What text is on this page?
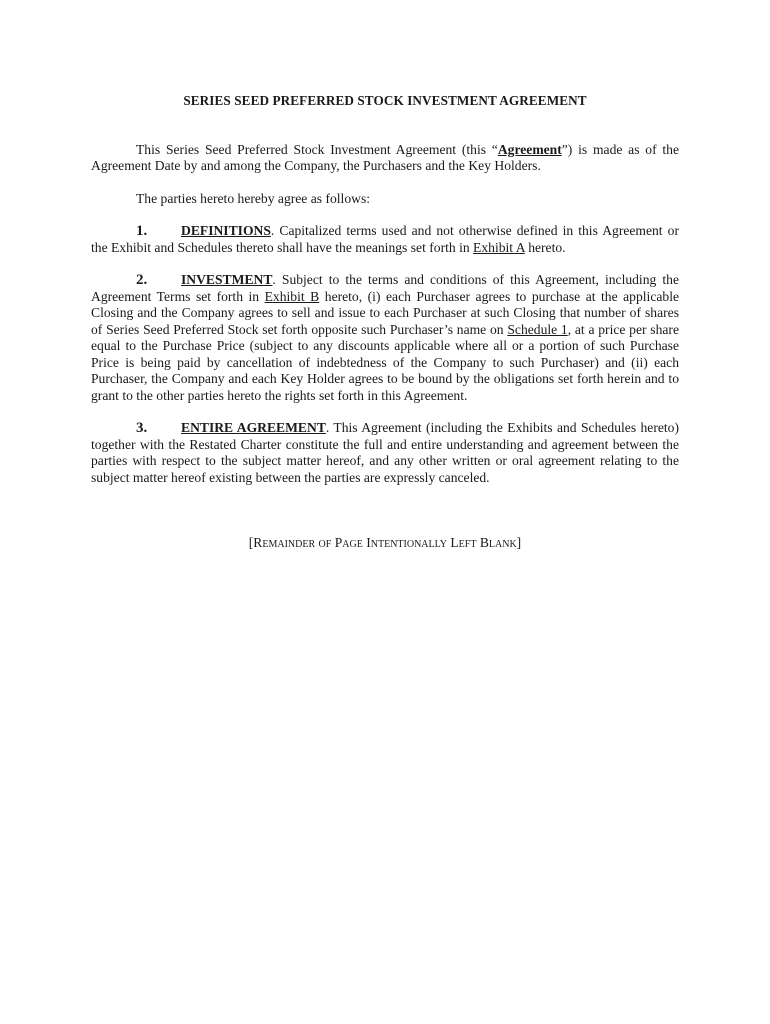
SERIES SEED PREFERRED STOCK INVESTMENT AGREEMENT

This Series Seed Preferred Stock Investment Agreement (this “Agreement”) is made as of the Agreement Date by and among the Company, the Purchasers and the Key Holders.

The parties hereto hereby agree as follows:

1. DEFINITIONS. Capitalized terms used and not otherwise defined in this Agreement or the Exhibit and Schedules thereto shall have the meanings set forth in Exhibit A hereto.

2. INVESTMENT. Subject to the terms and conditions of this Agreement, including the Agreement Terms set forth in Exhibit B hereto, (i) each Purchaser agrees to purchase at the applicable Closing and the Company agrees to sell and issue to each Purchaser at such Closing that number of shares of Series Seed Preferred Stock set forth opposite such Purchaser’s name on Schedule 1, at a price per share equal to the Purchase Price (subject to any discounts applicable where all or a portion of such Purchase Price is being paid by cancellation of indebtedness of the Company to such Purchaser) and (ii) each Purchaser, the Company and each Key Holder agrees to be bound by the obligations set forth herein and to grant to the other parties hereto the rights set forth in this Agreement.

3. ENTIRE AGREEMENT. This Agreement (including the Exhibits and Schedules hereto) together with the Restated Charter constitute the full and entire understanding and agreement between the parties with respect to the subject matter hereof, and any other written or oral agreement relating to the subject matter hereof existing between the parties are expressly canceled.

[Remainder of Page Intentionally Left Blank]
